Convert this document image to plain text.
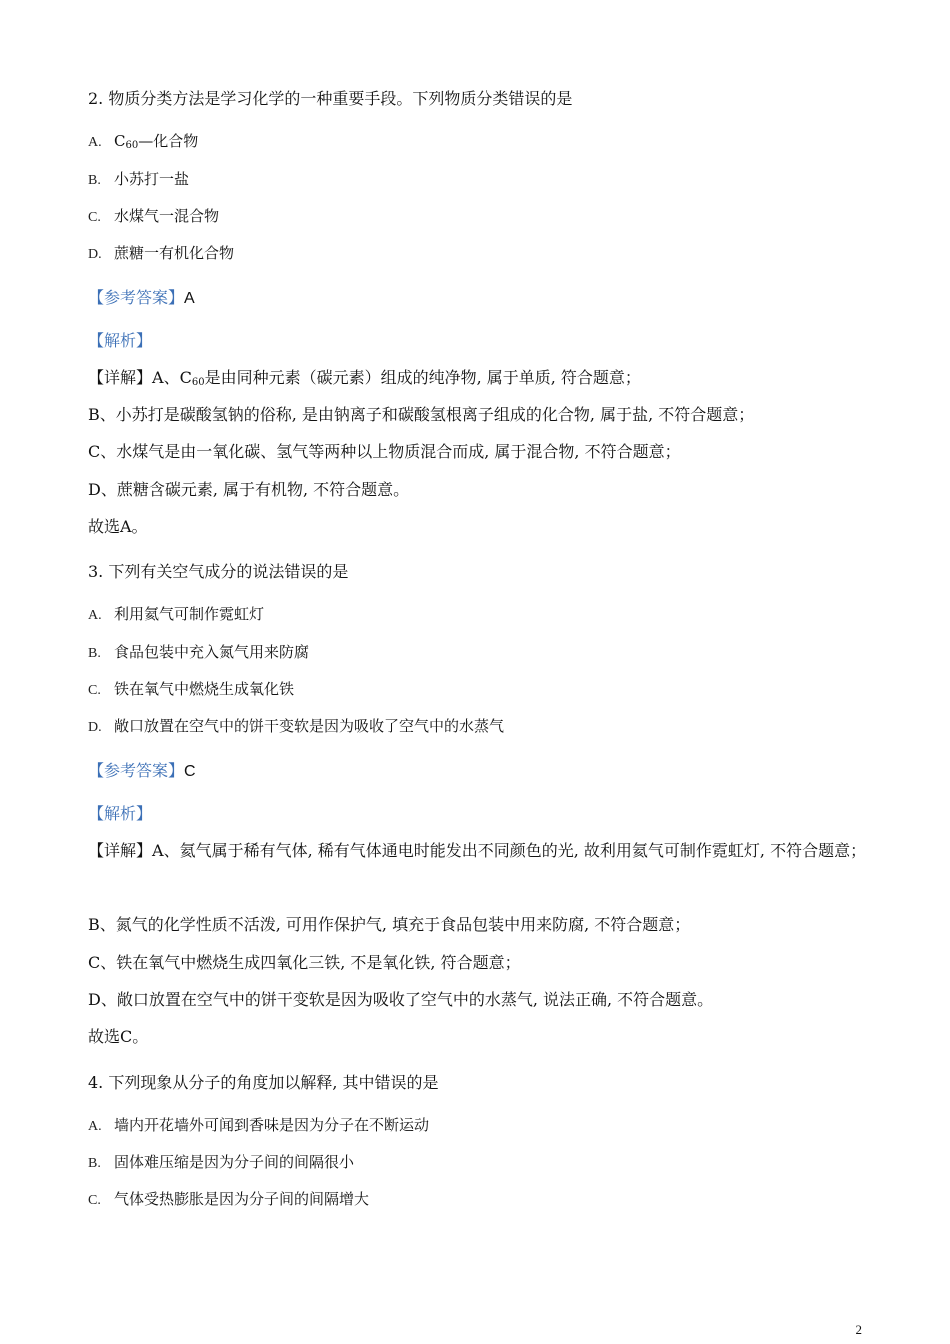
2. 物质分类方法是学习化学的一种重要手段。下列物质分类错误的是
A. $C_{60}—$化合物
B. 小苏打一盐
C. 水煤气一混合物
D. 蔗糖一有机化合物
【参考答案】A
【解析】
【详解】A、$C_{60}$是由同种元素（碳元素）组成的纯净物, 属于单质, 符合题意；
B、小苏打是碳酸氢钠的俗称, 是由钠离子和碳酸氢根离子组成的化合物, 属于盐, 不符合题意；
C、水煤气是由一氧化碳、氢气等两种以上物质混合而成, 属于混合物, 不符合题意；
D、蔗糖含碳元素, 属于有机物, 不符合题意。
故选A。
3. 下列有关空气成分的说法错误的是
A. 利用氦气可制作霓虹灯
B. 食品包装中充入氮气用来防腐
C. 铁在氧气中燃烧生成氧化铁
D. 敞口放置在空气中的饼干变软是因为吸收了空气中的水蒸气
【参考答案】C
【解析】
【详解】A、氦气属于稀有气体, 稀有气体通电时能发出不同颜色的光, 故利用氦气可制作霓虹灯, 不符合题意；
B、氮气的化学性质不活泼, 可用作保护气, 填充于食品包装中用来防腐, 不符合题意；
C、铁在氧气中燃烧生成四氧化三铁, 不是氧化铁, 符合题意；
D、敞口放置在空气中的饼干变软是因为吸收了空气中的水蒸气, 说法正确, 不符合题意。
故选C。
4. 下列现象从分子的角度加以解释, 其中错误的是
A. 墙内开花墙外可闻到香味是因为分子在不断运动
B. 固体难压缩是因为分子间的间隔很小
C. 气体受热膨胀是因为分子间的间隔增大
2
